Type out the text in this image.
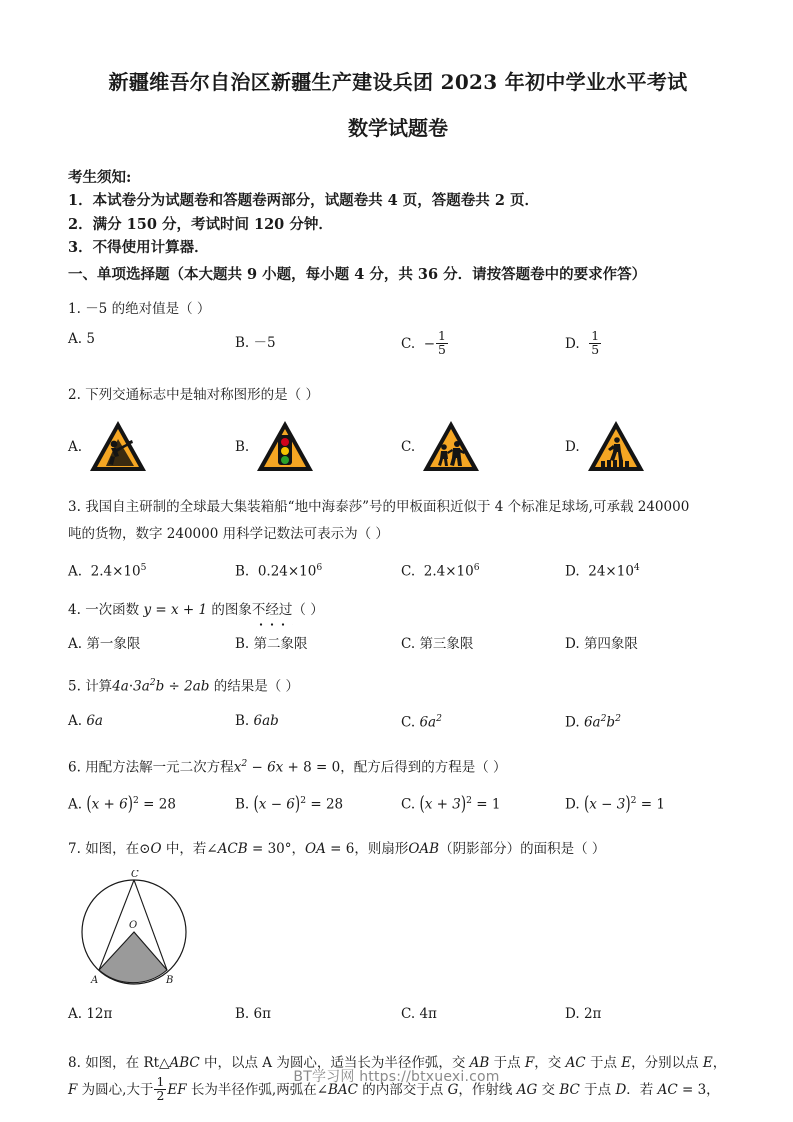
新疆维吾尔自治区新疆生产建设兵团 2023 年初中学业水平考试
数学试题卷
考生须知:
1．本试卷分为试题卷和答题卷两部分，试题卷共 4 页，答题卷共 2 页．
2．满分 150 分，考试时间 120 分钟．
3．不得使用计算器．
一、单项选择题（本大题共 9 小题，每小题 4 分，共 36 分．请按答题卷中的要求作答）
1. －5 的绝对值是（ ）
A. 5	B. －5	C.  − $\frac{1}{5}$	D. $\frac{1}{5}$
2. 下列交通标志中是轴对称图形的是（ ）
A.	B.	C.	D.
3. 我国自主研制的全球最大集装箱船“地中海泰莎”号的甲板面积近似于 4 个标准足球场,可承载 240000
吨的货物，数字 240000 用科学记数法可表示为（ ）
A. $2.4\times 10^5$	B. $0.24\times 10^6$	C. $2.4\times 10^6$	D. $24\times 10^4$
4. 一次函数 y = x + 1 的图象不经过（ ）
A. 第一象限	B. 第二象限	C. 第三象限	D. 第四象限
5. 计算$4a\cdot 3a^2b \div 2ab$ 的结果是（ ）
A. 6a	B. 6ab	C. $6a^2$	D. $6a^2b^2$
6. 用配方法解一元二次方程$x^2 - 6x + 8 = 0$，配方后得到的方程是（ ）
A. $(x + 6)^2 = 28$	B. $(x - 6)^2 = 28$	C. $(x + 3)^2 = 1$	D. $(x - 3)^2 = 1$
7. 如图，在⊙O 中，若∠ACB = 30°，OA = 6，则扇形OAB（阴影部分）的面积是（ ）
C
O
A	B
A. 12π	B. 6π	C. 4π	D. 2π
8. 如图，在 Rt△ABC 中，以点 A 为圆心，适当长为半径作弧，交 AB 于点 F，交 AC 于点 E，分别以点 E，
F 为圆心,大于 $\frac{1}{2}$ EF 长为半径作弧,两弧在∠BAC 的内部交于点 G，作射线 AG 交 BC 于点 D．若 AC = 3，
BT学习网 https://btxuexi.com
